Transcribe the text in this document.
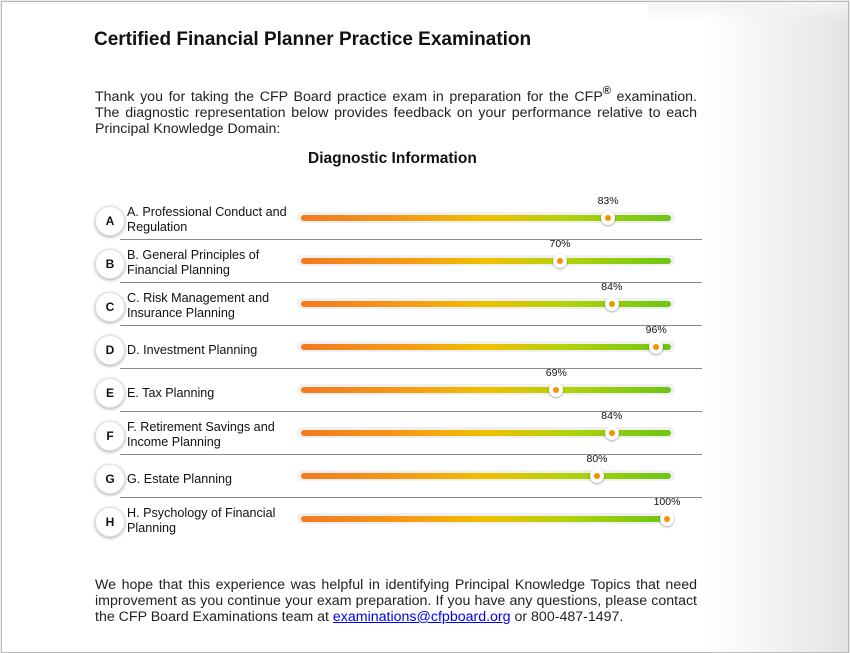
Certified Financial Planner Practice Examination

Thank you for taking the CFP Board practice exam in preparation for the CFP® examination. The diagnostic representation below provides feedback on your performance relative to each Principal Knowledge Domain:

Diagnostic Information
A
A. Professional Conduct and Regulation
83%
B
B. General Principles of Financial Planning
70%
C
C. Risk Management and Insurance Planning
84%
D	D. Investment Planning
96%
E	E. Tax Planning
69%
F
F. Retirement Savings and Income Planning
84%
G G. Estate Planning
80%
H
H. Psychology of Financial Planning
100%

We hope that this experience was helpful in identifying Principal Knowledge Topics that need improvement as you continue your exam preparation. If you have any questions, please contact the CFP Board Examinations team at examinations@cfpboard.org or 800-487-1497.
